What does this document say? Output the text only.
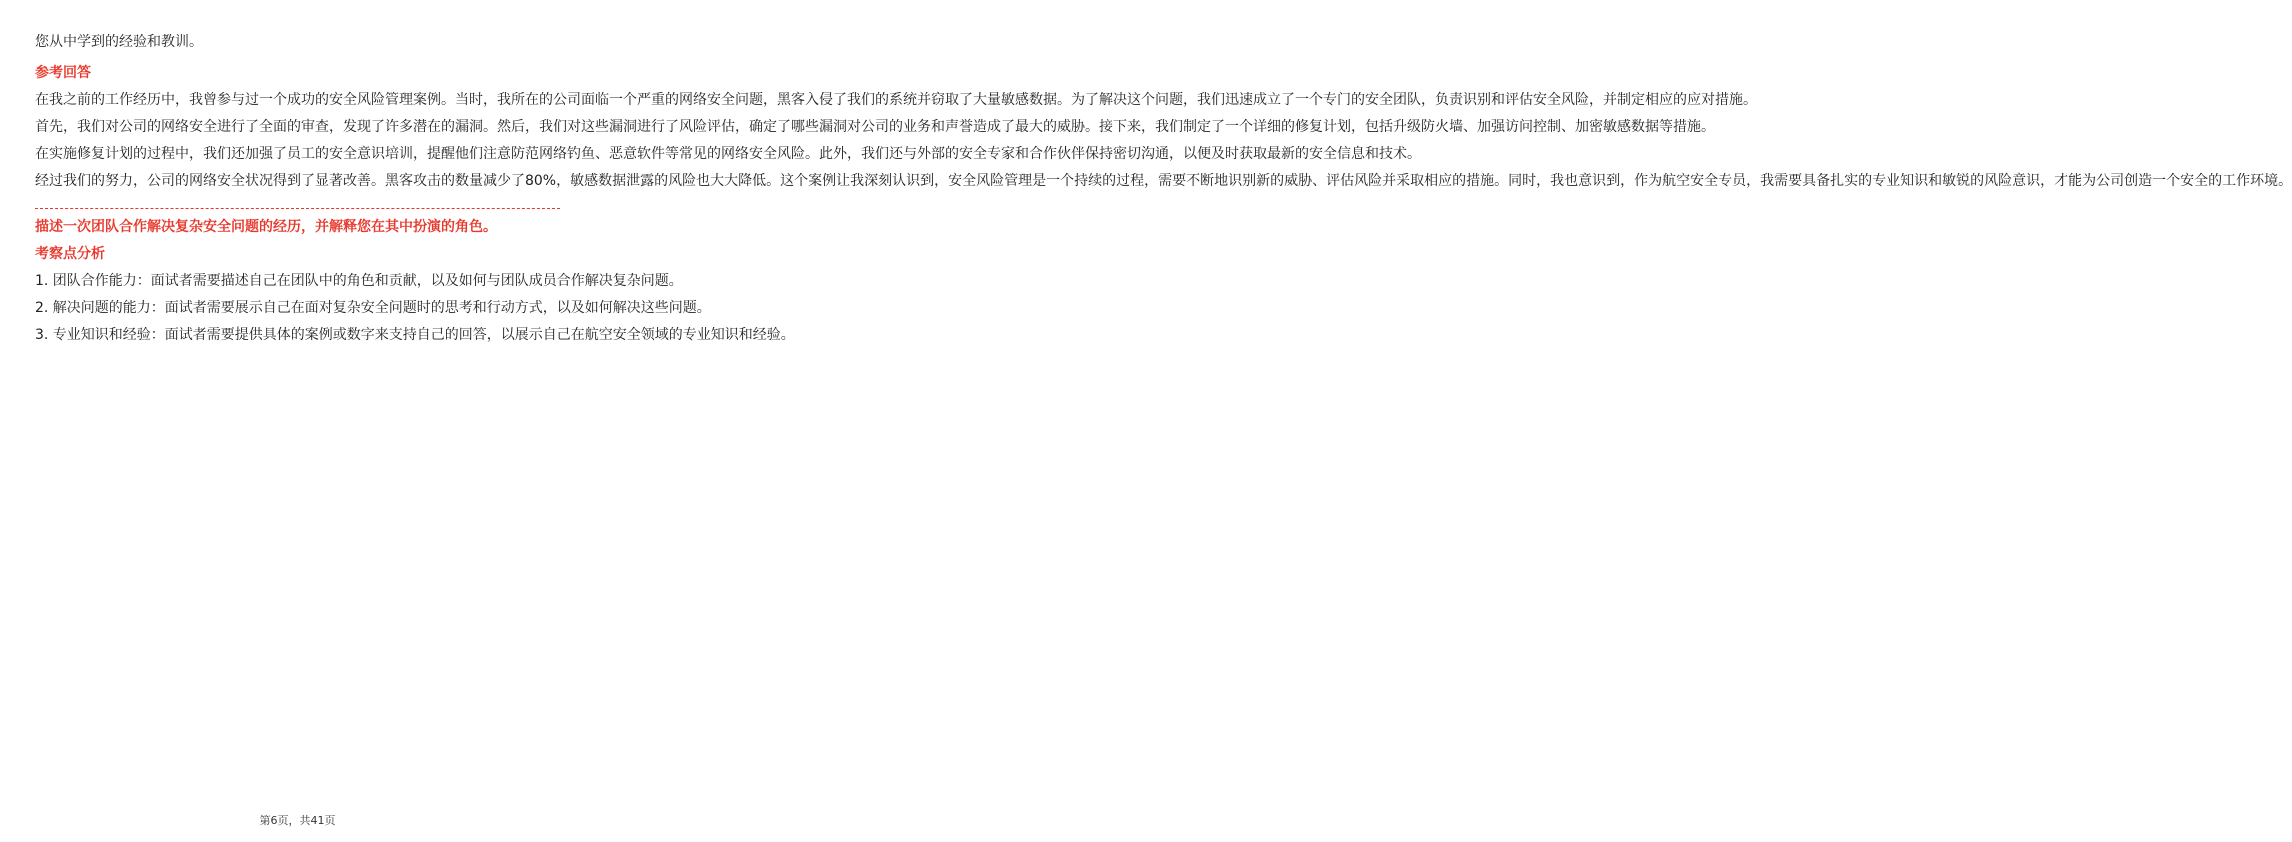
您从中学到的经验和教训。

参考回答

在我之前的工作经历中，我曾参与过一个成功的安全风险管理案例。当时，我所在的公司面临一个严重的网络安全问题，黑客入侵了我们的系统并窃取了大量敏感数据。为了解决这个问题，我们迅速成立了一个专门的安全团队，负责识别和评估安全风险，并制定相应的应对措施。

首先，我们对公司的网络安全进行了全面的审查，发现了许多潜在的漏洞。然后，我们对这些漏洞进行了风险评估，确定了哪些漏洞对公司的业务和声誉造成了最大的威胁。接下来，我们制定了一个详细的修复计划，包括升级防火墙、加强访问控制、加密敏感数据等措施。

在实施修复计划的过程中，我们还加强了员工的安全意识培训，提醒他们注意防范网络钓鱼、恶意软件等常见的网络安全风险。此外，我们还与外部的安全专家和合作伙伴保持密切沟通，以便及时获取最新的安全信息和技术。

经过我们的努力，公司的网络安全状况得到了显著改善。黑客攻击的数量减少了80%，敏感数据泄露的风险也大大降低。这个案例让我深刻认识到，安全风险管理是一个持续的过程，需要不断地识别新的威胁、评估风险并采取相应的措施。同时，我也意识到，作为航空安全专员，我需要具备扎实的专业知识和敏锐的风险意识，才能为公司创造一个安全的工作环境。

描述一次团队合作解决复杂安全问题的经历，并解释您在其中扮演的角色。

考察点分析

1. 团队合作能力：面试者需要描述自己在团队中的角色和贡献，以及如何与团队成员合作解决复杂问题。

2. 解决问题的能力：面试者需要展示自己在面对复杂安全问题时的思考和行动方式，以及如何解决这些问题。

3. 专业知识和经验：面试者需要提供具体的案例或数字来支持自己的回答，以展示自己在航空安全领域的专业知识和经验。

第6页，共41页
